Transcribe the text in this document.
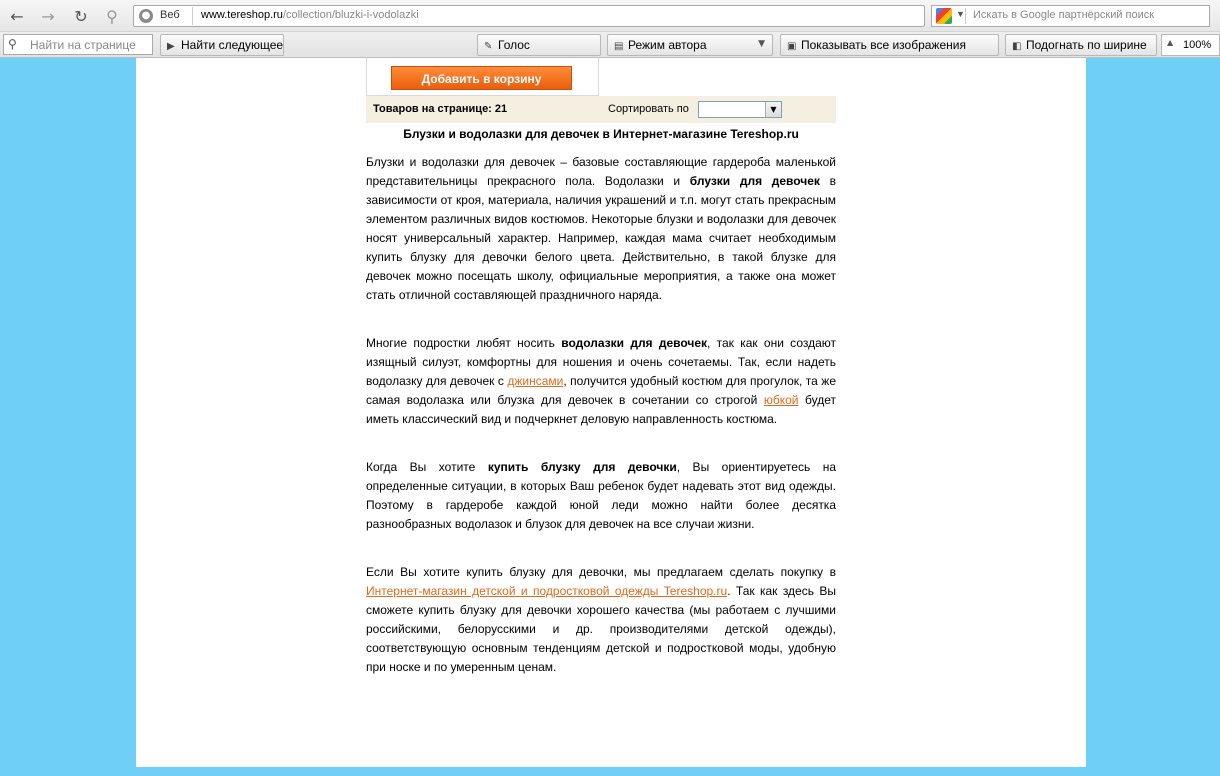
← → ↻	⚲	● Веб www.tereshop.ru/collection/bluzki-i-vodolazki	▼ Искать в Google партнёрский поиск
⚲ Найти на странице	▶ Найти следующее	✎ Голос	▤ Режим автора	▼	▣ Показывать все изображения	◧ Подогнать по ширине	▲ 100%
Добавить в корзину
Товаров на странице: 21	Сортировать по	▼
Блузки и водолазки для девочек в Интернет-магазине Tereshop.ru

Блузки и водолазки для девочек – базовые составляющие гардероба маленькой представительницы прекрасного пола. Водолазки и блузки для девочек в зависимости от кроя, материала, наличия украшений и т.п. могут стать прекрасным элементом различных видов костюмов. Некоторые блузки и водолазки для девочек носят универсальный характер. Например, каждая мама считает необходимым купить блузку для девочки белого цвета. Действительно, в такой блузке для девочек можно посещать школу, официальные мероприятия, а также она может стать отличной составляющей праздничного наряда.

Многие подростки любят носить водолазки для девочек, так как они создают изящный силуэт, комфортны для ношения и очень сочетаемы. Так, если надеть водолазку для девочек с джинсами, получится удобный костюм для прогулок, та же самая водолазка или блузка для девочек в сочетании со строгой юбкой будет иметь классический вид и подчеркнет деловую направленность костюма.

Когда Вы хотите купить блузку для девочки, Вы ориентируетесь на определенные ситуации, в которых Ваш ребенок будет надевать этот вид одежды. Поэтому в гардеробе каждой юной леди можно найти более десятка разнообразных водолазок и блузок для девочек на все случаи жизни.

Если Вы хотите купить блузку для девочки, мы предлагаем сделать покупку в Интернет-магазин детской и подростковой одежды Tereshop.ru. Так как здесь Вы сможете купить блузку для девочки хорошего качества (мы работаем с лучшими российскими, белорусскими и др. производителями детской одежды), соответствующую основным тенденциям детской и подростковой моды, удобную при носке и по умеренным ценам.
